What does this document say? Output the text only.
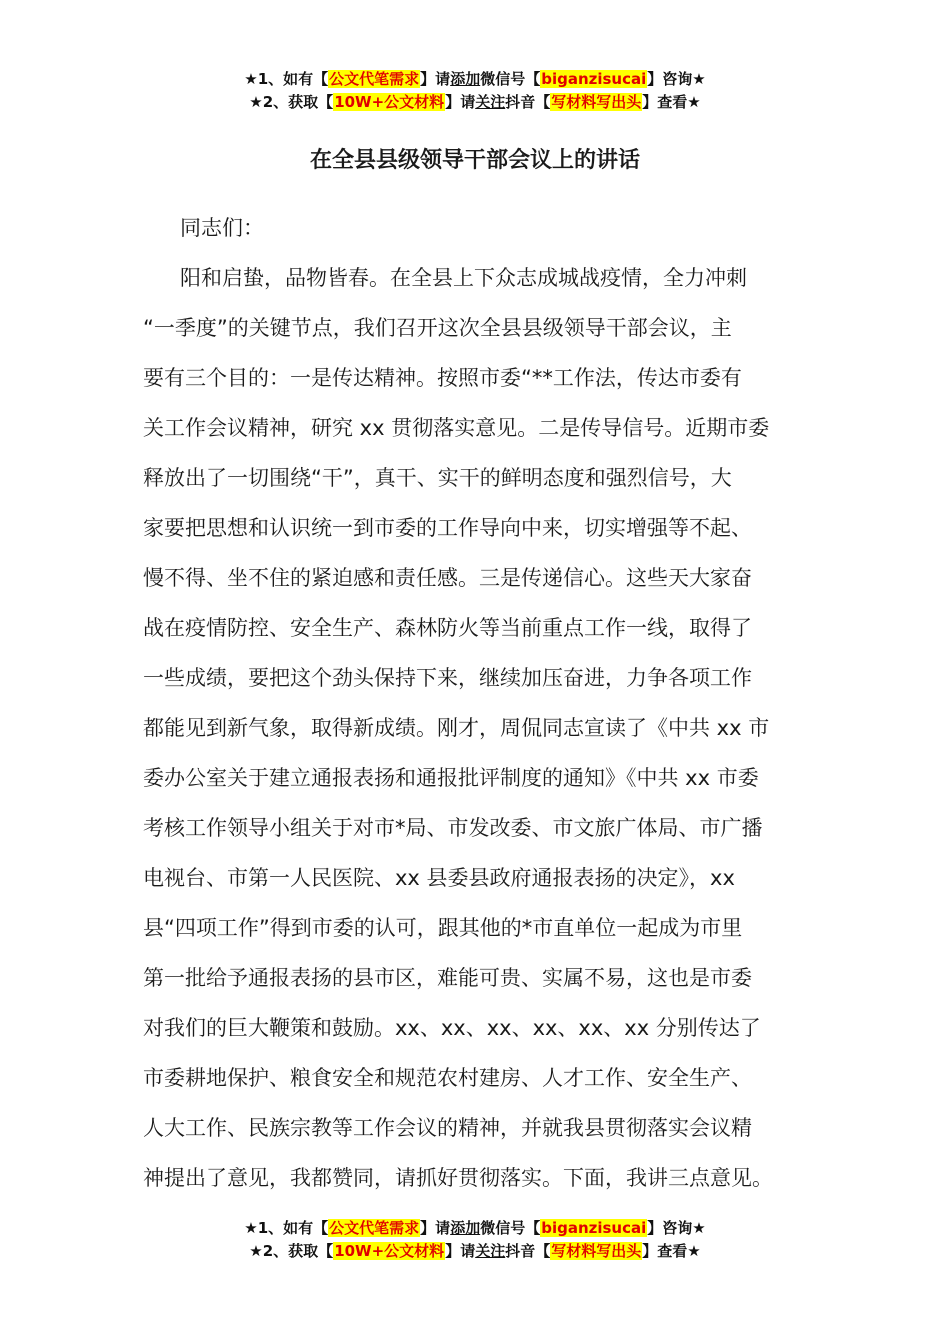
★1、如有【公文代笔需求】请添加微信号【biganzisucai】咨询★
★2、获取【10W+公文材料】请关注抖音【写材料写出头】查看★
在全县县级领导干部会议上的讲话
同志们：
阳和启蛰，品物皆春。在全县上下众志成城战疫情，全力冲刺
“一季度”的关键节点，我们召开这次全县县级领导干部会议，主
要有三个目的：一是传达精神。按照市委“**工作法，传达市委有
关工作会议精神，研究 xx 贯彻落实意见。二是传导信号。近期市委
释放出了一切围绕“干”，真干、实干的鲜明态度和强烈信号，大
家要把思想和认识统一到市委的工作导向中来，切实增强等不起、
慢不得、坐不住的紧迫感和责任感。三是传递信心。这些天大家奋
战在疫情防控、安全生产、森林防火等当前重点工作一线，取得了
一些成绩，要把这个劲头保持下来，继续加压奋进，力争各项工作
都能见到新气象，取得新成绩。刚才，周侃同志宣读了《中共 xx 市
委办公室关于建立通报表扬和通报批评制度的通知》《中共 xx 市委
考核工作领导小组关于对市*局、市发改委、市文旅广体局、市广播
电视台、市第一人民医院、xx 县委县政府通报表扬的决定》，xx
县“四项工作”得到市委的认可，跟其他的*市直单位一起成为市里
第一批给予通报表扬的县市区，难能可贵、实属不易，这也是市委
对我们的巨大鞭策和鼓励。xx、xx、xx、xx、xx、xx 分别传达了
市委耕地保护、粮食安全和规范农村建房、人才工作、安全生产、
人大工作、民族宗教等工作会议的精神，并就我县贯彻落实会议精
神提出了意见，我都赞同，请抓好贯彻落实。下面，我讲三点意见。
★1、如有【公文代笔需求】请添加微信号【biganzisucai】咨询★
★2、获取【10W+公文材料】请关注抖音【写材料写出头】查看★
